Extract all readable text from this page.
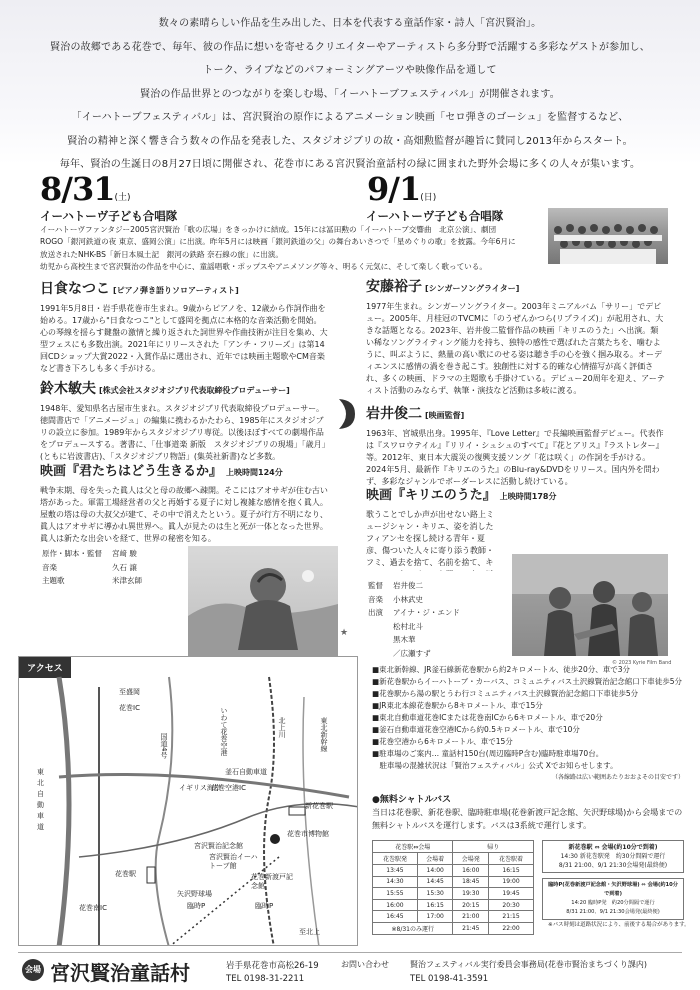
数々の素晴らしい作品を生み出した、日本を代表する童話作家・詩人「宮沢賢治」。

賢治の故郷である花巻で、毎年、彼の作品に想いを寄せるクリエイターやアーティストら多分野で活躍する多彩なゲストが参加し、

トーク、ライブなどのパフォーミングアーツや映像作品を通して

賢治の作品世界とのつながりを楽しむ場、「イーハトーブフェスティバル」が開催されます。

「イーハトーブフェスティバル」は、宮沢賢治の原作によるアニメーション映画「セロ弾きのゴーシュ」を監督するなど、

賢治の精神と深く響き合う数々の作品を発表した、スタジオジブリの故・高畑勲監督が趣旨に賛同し2013年からスタート。

毎年、賢治の生誕日の8月27日頃に開催され、花巻市にある宮沢賢治童話村の緑に囲まれた野外会場に多くの人々が集います。

8/31(土)
イーハトーヴ子ども合唱隊
9/1(日)
イーハトーヴ子ども合唱隊
イーハトーヴファンタジー2005宮沢賢治「歌の広場」をきっかけに結成。15年には冨田勲の「イーハトーブ交響曲　北京公演」、劇団
ROGO「銀河鉄道の夜 東京、盛岡公演」に出演。昨年5月には映画「銀河鉄道の父」の舞台あいさつで「星めぐりの歌」を披露。今年6月に
放送されたNHK-BS「新日本風土記　銀河の鉄路 奈石線の旅」に出演。
幼児から高校生まで宮沢賢治の作品を中心に、童謡唱歌・ポップスやアニメソング等々、明るく元気に、そして楽しく歌っている。
日食なつこ [ピアノ弾き語りソロアーティスト]
1991年5月8日・岩手県花巻市生まれ。9歳からピアノを、12歳から作詞作曲を始める。17歳から"日食なつこ"として盛岡を拠点に本格的な音楽活動を開始。心の琴線を揺らす鍵盤の激情と繰り返された詞世界や作曲技術が注目を集め、大型フェスにも多数出演。2021年にリリースされた「アンチ・フリーズ」は第14回CDショップ大賞2022・入賞作品に選出され、近年では映画主題歌やCM音楽など書き下ろしも多く手がける。
鈴木敏夫 [株式会社スタジオジブリ代表取締役プロデューサー]
1948年、愛知県名古屋市生まれ。スタジオジブリ代表取締役プロデューサー。徳間書店で「アニメージュ」の編集に携わるかたわら、1985年にスタジオジブリの設立に参加。1989年からスタジオジブリ専従。以後ほぼすべての劇場作品をプロデュースする。著書に、「仕事道楽 新版　スタジオジブリの現場」「歳月」(ともに岩波書店)、「スタジオジブリ物語」(集英社新書)など多数。
映画『君たちはどう生きるか』 上映時間124分
戦争末期、母を失った眞人は父と母の故郷へ疎開。そこにはアオサギが住む古い塔があった。軍需工場経営者の父と再婚する夏子に対し複雑な感情を抱く眞人。屋敷の塔は母の大叔父が建て、その中で消えたという。夏子が行方不明になり、眞人はアオサギに導かれ異世界へ。眞人が見たのは生と死が一体となった世界。眞人は新たな出会いを経て、世界の秘密を知る。
原作・脚本・監督	宮﨑 駿
音楽	久石 譲
主題歌	米津玄師
★
安藤裕子 [シンガーソングライター]
1977年生まれ。シンガーソングライター。2003年ミニアルバム「サリー」でデビュー。2005年、月桂冠のTVCMに「のうぜんかつら(リプライズ)」が起用され、大きな話題となる。2023年、岩井俊二監督作品の映画「キリエのうた」へ出演。類い稀なソングライティング能力を持ち、独特の感性で選ばれた言葉たちを、噛むように、叫ぶように、熱量の高い歌にのせる姿は聴き手の心を強く掴み取る。オーディエンスに感情の渦を巻き起こす。独創性に対する的確な心情描写が高く評価され、多くの映画、ドラマの主題歌も手掛けている。デビュー20周年を迎え、アーティスト活動のみならず、執筆・演技など活動は多岐に渡る。
岩井俊二 [映画監督]
1963年、宮城県出身。1995年、『Love Letter』で長編映画監督デビュー。代表作は『スワロウテイル』『リリイ・シュシュのすべて』『花とアリス』『ラストレター』等。2012年、東日本大震災の復興支援ソング「花は咲く」の作詞を手がける。2024年5月、最新作『キリエのうた』のBlu-ray&DVDをリリース。国内外を問わず、多彩なジャンルでボーダーレスに活動し続けている。
映画『キリエのうた』 上映時間178分
歌うことでしか声が出せない路上ミュージシャン・キリエ、姿を消したフィアンセを探し続ける青年・夏彦、傷ついた人々に寄り添う教師・フミ、過去を捨て、名前を捨て、キ
監督	岩井俊二
音楽	小林武史
出演	アイナ・ジ・エンド
	松村北斗
	黒木華
	／広瀬すず
© 2023 Kyrie Film Band
アクセス
花巻IC
国道4号	東北新幹線
北上川
イギリス海岸
宮沢賢治記念館
宮沢賢治イーハトーブ館
花巻空港IC
新花巻駅
花巻市博物館
花巻駅
花巻南IC
東北自動車道
矢沢野球場
臨時P
花巻新渡戸記念館
臨時P
いわて花巻空港
至盛岡
至北上
釜石自動車道
■東北新幹線、JR釜石線新花巻駅から約2キロメートル、徒歩20分、車で3分
■新花巻駅からイーハトーブ・カーバス、コミュニティバス土沢線賢治記念館口下車徒歩5分
■花巻駅から湯の駅とうわ行コミュニティバス土沢線賢治記念館口下車徒歩5分
■JR東北本線花巻駅から8キロメートル、車で15分
■東北自動車道花巻ICまたは花巻南ICから6キロメートル、車で20分
■釜石自動車道花巻空港ICから約0.5キロメートル、車で10分
■花巻空港から6キロメートル、車で15分
■駐車場のご案内… 童話村150台(周辺臨時P含む)臨時駐車場70台。
　駐車場の混雑状況は「賢治フェスティバル」公式 Xでお知らせします。
（各線路は広い範囲あたりおおよその目安です）
●無料シャトルバス
当日は花巻駅、新花巻駅、臨時駐車場(花巻新渡戸記念館、矢沢野球場)から会場までの無料シャトルバスを運行します。バスは3系統で運行します。
花巻駅⇔会場		帰り	
花巻駅発	会場着	会場発	花巻駅着
13:45	14:00	16:00	16:15
14:30	14:45	18:45	19:00
15:55	15:30	19:30	19:45
16:00	16:15	20:15	20:30
16:45	17:00	21:00	21:15
※8/31のみ運行		21:45	22:00
新花巻駅 ⇔ 会場(約10分で到着)
14:30 新花巻駅発　約30分間隔で運行
8/31 21:00、9/1 21:30会場発(最終便)
臨時P(花巻新渡戸記念館・矢沢野球場) ⇔ 会場(約10分で到着)
14:20 臨時P発　約20分間隔で運行
8/31 21:00、9/1 21:30会場発(最終便)
※バス時刻は道路状況により、前後する場合があります。
会場 宮沢賢治童話村	岩手県花巻市高松26-19
TEL 0198-31-2211
お問い合わせ	賢治フェスティバル実行委員会事務局(花巻市賢治まちづくり課内)
TEL 0198-41-3591
